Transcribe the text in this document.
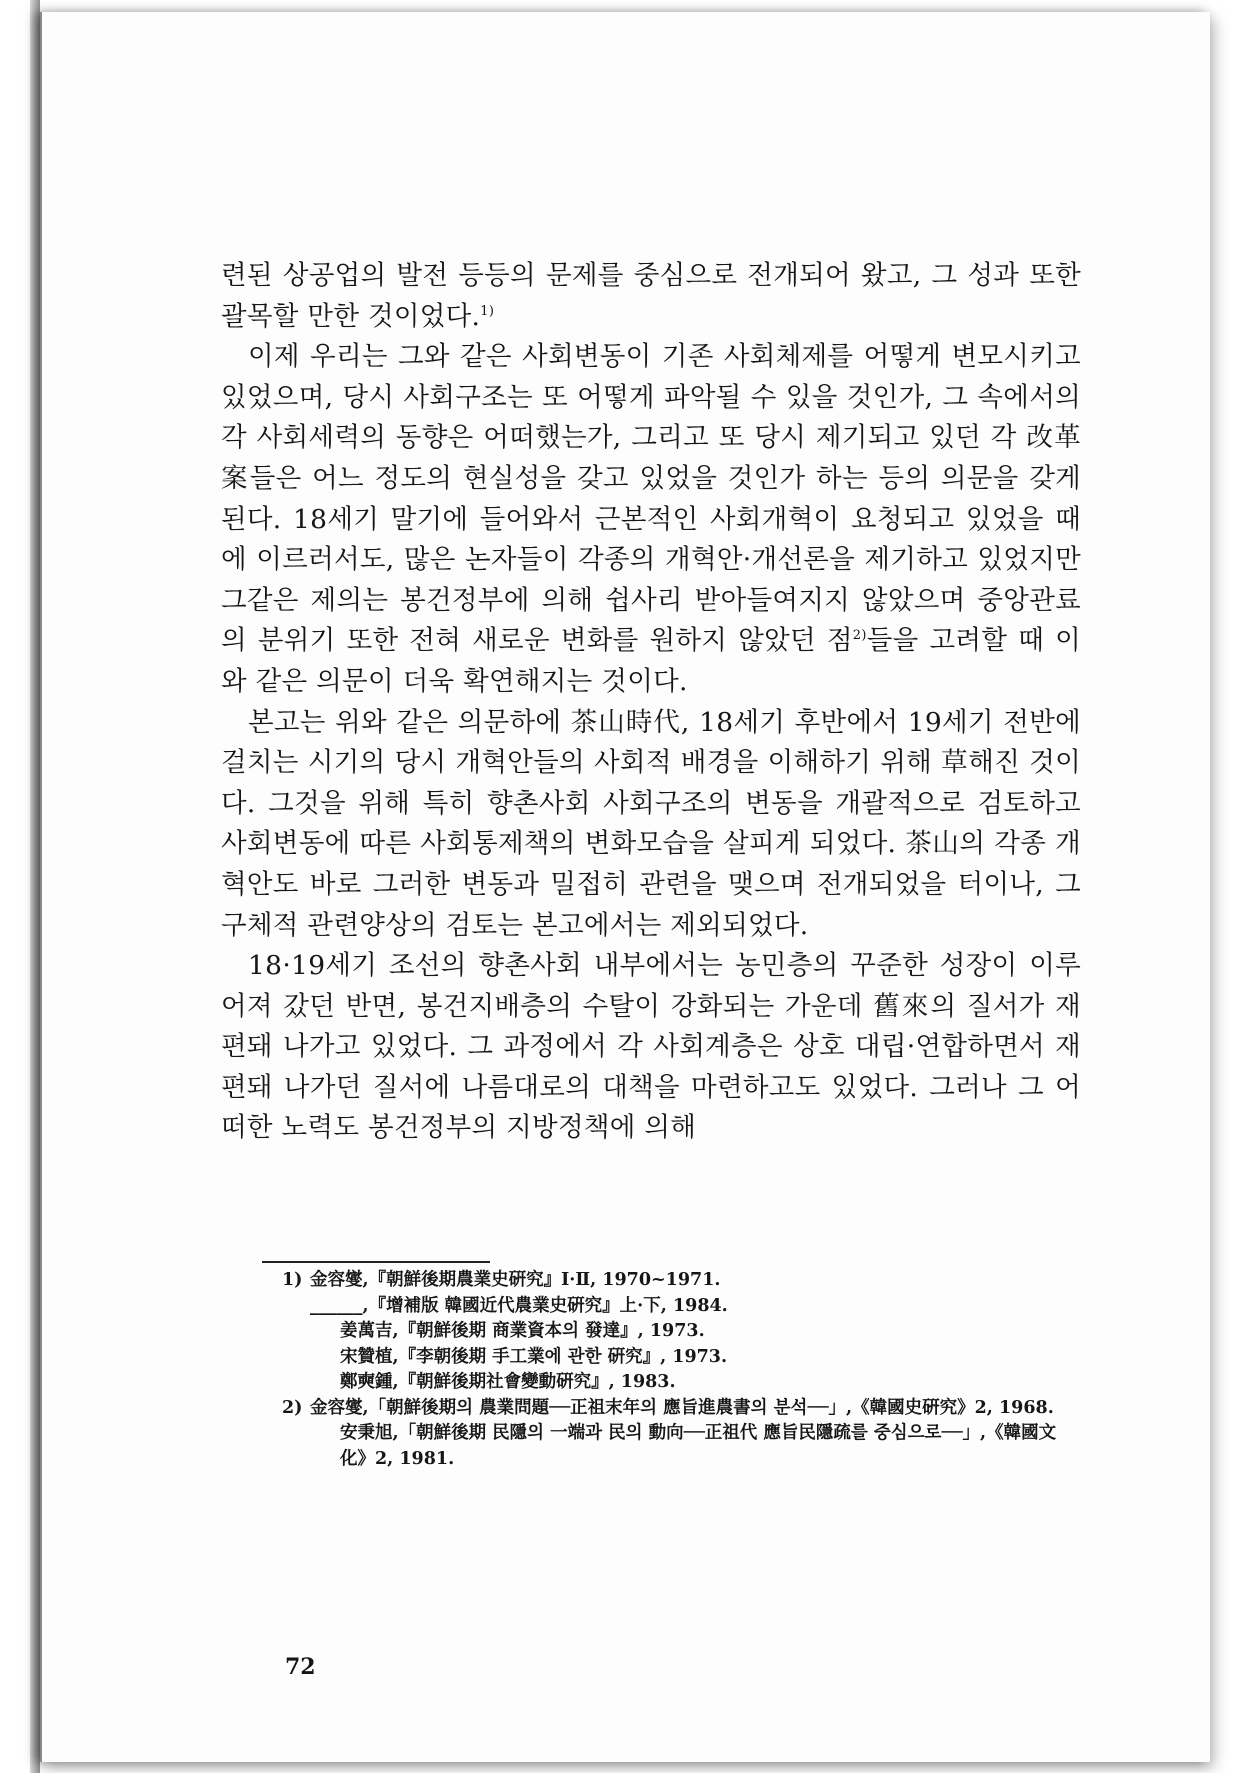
련된 상공업의 발전 등등의 문제를 중심으로 전개되어 왔고, 그 성과 또한 괄목할 만한 것이었다.$^{1)}$

이제 우리는 그와 같은 사회변동이 기존 사회체제를 어떻게 변모시키고 있었으며, 당시 사회구조는 또 어떻게 파악될 수 있을 것인가, 그 속에서의 각 사회세력의 동향은 어떠했는가, 그리고 또 당시 제기되고 있던 각 改革案들은 어느 정도의 현실성을 갖고 있었을 것인가 하는 등의 의문을 갖게 된다. 18세기 말기에 들어와서 근본적인 사회개혁이 요청되고 있었을 때에 이르러서도, 많은 논자들이 각종의 개혁안·개선론을 제기하고 있었지만 그같은 제의는 봉건정부에 의해 쉽사리 받아들여지지 않았으며 중앙관료의 분위기 또한 전혀 새로운 변화를 원하지 않았던 점$^{2)}$들을 고려할 때 이와 같은 의문이 더욱 확연해지는 것이다.

본고는 위와 같은 의문하에 茶山時代, 18세기 후반에서 19세기 전반에 걸치는 시기의 당시 개혁안들의 사회적 배경을 이해하기 위해 草해진 것이다. 그것을 위해 특히 향촌사회 사회구조의 변동을 개괄적으로 검토하고 사회변동에 따른 사회통제책의 변화모습을 살피게 되었다. 茶山의 각종 개혁안도 바로 그러한 변동과 밀접히 관련을 맺으며 전개되었을 터이나, 그 구체적 관련양상의 검토는 본고에서는 제외되었다.

18·19세기 조선의 향촌사회 내부에서는 농민층의 꾸준한 성장이 이루어져 갔던 반면, 봉건지배층의 수탈이 강화되는 가운데 舊來의 질서가 재편돼 나가고 있었다. 그 과정에서 각 사회계층은 상호 대립·연합하면서 재편돼 나가던 질서에 나름대로의 대책을 마련하고도 있었다. 그러나 그 어떠한 노력도 봉건정부의 지방정책에 의해

1) 金容燮,『朝鮮後期農業史硏究』Ⅰ·Ⅱ, 1970~1971.
______,『增補版 韓國近代農業史硏究』上·下, 1984.
姜萬吉,『朝鮮後期 商業資本의 發達』, 1973.
宋贊植,『李朝後期 手工業에 관한 硏究』, 1973.
鄭奭鍾,『朝鮮後期社會變動硏究』, 1983.
2) 金容燮,「朝鮮後期의 農業問題──正祖末年의 應旨進農書의 분석──」,《韓國史硏究》2, 1968.
安秉旭,「朝鮮後期 民隱의 一端과 民의 動向──正祖代 應旨民隱疏를 중심으로──」,《韓國文化》2, 1981.
72
